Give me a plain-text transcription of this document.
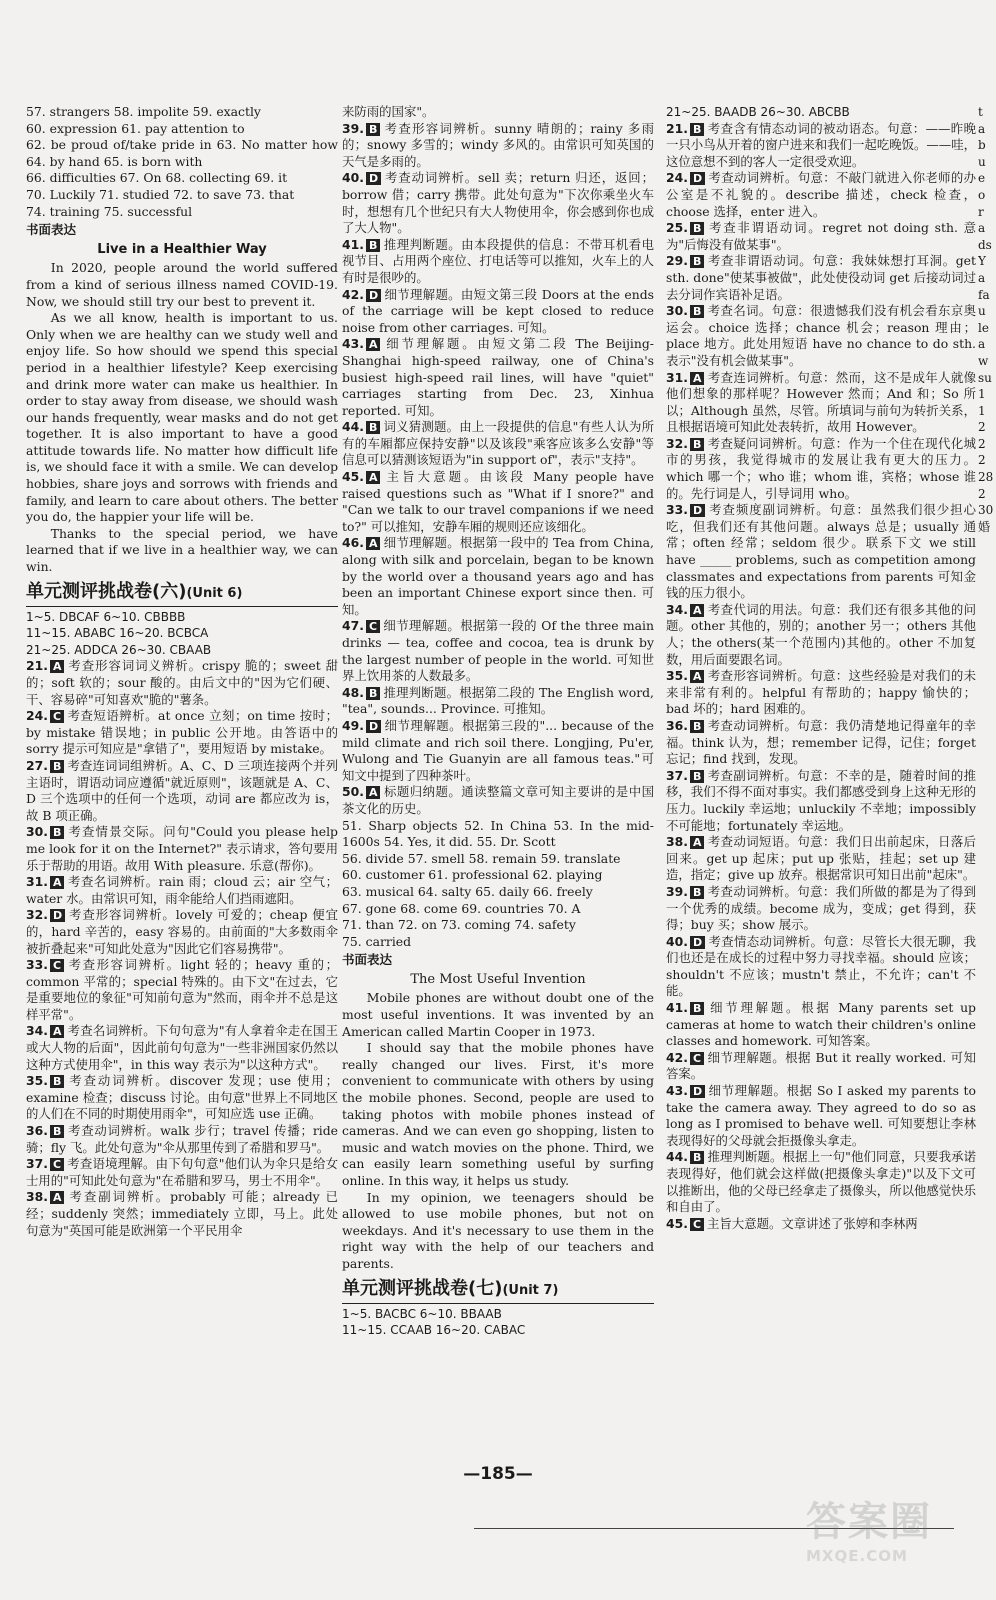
57. strangers 58. impolite 59. exactly
60. expression 61. pay attention to
62. be proud of/take pride in 63. No matter how 64. by hand 65. is born with
66. difficulties 67. On 68. collecting 69. it
70. Luckily 71. studied 72. to save 73. that
74. training 75. successful
书面表达
Live in a Healthier Way

In 2020, people around the world suffered from a kind of serious illness named COVID-19. Now, we should still try our best to prevent it.

As we all know, health is important to us. Only when we are healthy can we study well and enjoy life. So how should we spend this special period in a healthier lifestyle? Keep exercising and drink more water can make us healthier. In order to stay away from disease, we should wash our hands frequently, wear masks and do not get together. It is also important to have a good attitude towards life. No matter how difficult life is, we should face it with a smile. We can develop hobbies, share joys and sorrows with friends and family, and learn to care about others. The better you do, the happier your life will be.

Thanks to the special period, we have learned that if we live in a healthier way, we can win.

单元测评挑战卷(六)(Unit 6)
1~5. DBCAF 6~10. CBBBB
11~15. ABABC 16~20. BCBCA
21~25. ADDCA 26~30. CBAAB
21. A 考查形容词词义辨析。crispy 脆的；sweet 甜的；soft 软的；sour 酸的。由后文中的"因为它们硬、干、容易碎"可知喜欢"脆的"薯条。
24. C 考查短语辨析。at once 立刻；on time 按时；by mistake 错误地；in public 公开地。由答语中的 sorry 提示可知应是"拿错了"，要用短语 by mistake。
27. B 考查连词词组辨析。A、C、D 三项连接两个并列主语时，谓语动词应遵循"就近原则"，该题就是 A、C、D 三个选项中的任何一个选项，动词 are 都应改为 is，故 B 项正确。
30. B 考查情景交际。问句"Could you please help me look for it on the Internet?" 表示请求，答句要用乐于帮助的用语。故用 With pleasure. 乐意(帮你)。
31. A 考查名词辨析。rain 雨；cloud 云；air 空气；water 水。由常识可知，雨伞能给人们挡雨遮阳。
32. D 考查形容词辨析。lovely 可爱的；cheap 便宜的，hard 辛苦的，easy 容易的。由前面的"大多数雨伞被折叠起来"可知此处意为"因此它们容易携带"。
33. C 考查形容词辨析。light 轻的；heavy 重的；common 平常的；special 特殊的。由下文"在过去，它是重要地位的象征"可知前句意为"然而，雨伞并不总是这样平常"。
34. A 考查名词辨析。下句句意为"有人拿着伞走在国王或大人物的后面"，因此前句句意为"一些非洲国家仍然以这种方式使用伞"，in this way 表示为"以这种方式"。
35. B 考查动词辨析。discover 发现；use 使用；examine 检查；discuss 讨论。由句意"世界上不同地区的人们在不同的时期使用雨伞"，可知应选 use 正确。
36. B 考查动词辨析。walk 步行；travel 传播；ride 骑；fly 飞。此处句意为"伞从那里传到了希腊和罗马"。
37. C 考查语境理解。由下句句意"他们认为伞只是给女士用的"可知此处句意为"在希腊和罗马，男士不用伞"。
38. A 考查副词辨析。probably 可能；already 已经；suddenly 突然；immediately 立即，马上。此处句意为"英国可能是欧洲第一个平民用伞
来防雨的国家"。
39. B 考查形容词辨析。sunny 晴朗的；rainy 多雨的；snowy 多雪的；windy 多风的。由常识可知英国的天气是多雨的。
40. D 考查动词辨析。sell 卖；return 归还，返回；borrow 借；carry 携带。此处句意为"下次你乘坐火车时，想想有几个世纪只有大人物使用伞，你会感到你也成了大人物"。
41. B 推理判断题。由本段提供的信息：不带耳机看电视节目、占用两个座位、打电话等可以推知，火车上的人有时是很吵的。
42. D 细节理解题。由短文第三段 Doors at the ends of the carriage will be kept closed to reduce noise from other carriages. 可知。
43. A 细节理解题。由短文第二段 The Beijing-Shanghai high-speed railway, one of China's busiest high-speed rail lines, will have "quiet" carriages starting from Dec. 23, Xinhua reported. 可知。
44. B 词义猜测题。由上一段提供的信息"有些人认为所有的车厢都应保持安静"以及该段"乘客应该多么安静"等信息可以猜测该短语为"in support of"，表示"支持"。
45. A 主旨大意题。由该段 Many people have raised questions such as "What if I snore?" and "Can we talk to our travel companions if we need to?" 可以推知，安静车厢的规则还应该细化。
46. A 细节理解题。根据第一段中的 Tea from China, along with silk and porcelain, began to be known by the world over a thousand years ago and has been an important Chinese export since then. 可知。
47. C 细节理解题。根据第一段的 Of the three main drinks — tea, coffee and cocoa, tea is drunk by the largest number of people in the world. 可知世界上饮用茶的人数最多。
48. B 推理判断题。根据第二段的 The English word, "tea", sounds... Province. 可推知。
49. D 细节理解题。根据第三段的"... because of the mild climate and rich soil there. Longjing, Pu'er, Wulong and Tie Guanyin are all famous teas."可知文中提到了四种茶叶。
50. A 标题归纳题。通读整篇文章可知主要讲的是中国茶文化的历史。
51. Sharp objects 52. In China 53. In the mid-1600s 54. Yes, it did. 55. Dr. Scott
56. divide 57. smell 58. remain 59. translate
60. customer 61. professional 62. playing
63. musical 64. salty 65. daily 66. freely
67. gone 68. come 69. countries 70. A
71. than 72. on 73. coming 74. safety
75. carried
书面表达
The Most Useful Invention

Mobile phones are without doubt one of the most useful inventions. It was invented by an American called Martin Cooper in 1973.

I should say that the mobile phones have really changed our lives. First, it's more convenient to communicate with others by using the mobile phones. Second, people are used to taking photos with mobile phones instead of cameras. And we can even go shopping, listen to music and watch movies on the phone. Third, we can easily learn something useful by surfing online. In this way, it helps us study.

In my opinion, we teenagers should be allowed to use mobile phones, but not on weekdays. And it's necessary to use them in the right way with the help of our teachers and parents.

单元测评挑战卷(七)(Unit 7)
1~5. BACBC 6~10. BBAAB
11~15. CCAAB 16~20. CABAC
21~25. BAADB 26~30. ABCBB
21. B 考查含有情态动词的被动语态。句意：——昨晚一只小鸟从开着的窗户进来和我们一起吃晚饭。——哇，这位意想不到的客人一定很受欢迎。
24. D 考查动词辨析。句意：不敲门就进入你老师的办公室是不礼貌的。describe 描述，check 检查，choose 选择，enter 进入。
25. B 考查非谓语动词。regret not doing sth. 意为"后悔没有做某事"。
29. B 考查非谓语动词。句意：我妹妹想打耳洞。get sth. done"使某事被做"，此处使役动词 get 后接动词过去分词作宾语补足语。
30. B 考查名词。句意：很遗憾我们没有机会看东京奥运会。choice 选择；chance 机会；reason 理由；place 地方。此处用短语 have no chance to do sth. 表示"没有机会做某事"。
31. A 考查连词辨析。句意：然而，这不是成年人就像他们想象的那样呢？However 然而；And 和；So 所以；Although 虽然，尽管。所填词与前句为转折关系，且根据语境可知此处表转折，故用 However。
32. B 考查疑问词辨析。句意：作为一个住在现代化城市的男孩，我觉得城市的发展让我有更大的压力。which 哪一个；who 谁；whom 谁，宾格；whose 谁的。先行词是人，引导词用 who。
33. D 考查频度副词辨析。句意：虽然我们很少担心吃，但我们还有其他问题。always 总是；usually 通常；often 经常；seldom 很少。联系下文 we still have _____ problems, such as competition among classmates and expectations from parents 可知金钱的压力很小。
34. A 考查代词的用法。句意：我们还有很多其他的问题。other 其他的，别的；another 另一；others 其他人；the others(某一个范围内)其他的。other 不加复数，用后面要跟名词。
35. A 考查形容词辨析。句意：这些经验是对我们的未来非常有利的。helpful 有帮助的；happy 愉快的；bad 坏的；hard 困难的。
36. B 考查动词辨析。句意：我仍清楚地记得童年的幸福。think 认为，想；remember 记得，记住；forget 忘记；find 找到，发现。
37. B 考查副词辨析。句意：不幸的是，随着时间的推移，我们不得不面对事实。我们都感受到身上这种无形的压力。luckily 幸运地；unluckily 不幸地；impossibly 不可能地；fortunately 幸运地。
38. A 考查动词短语。句意：我们日出前起床，日落后回来。get up 起床；put up 张贴，挂起；set up 建造，指定；give up 放弃。根据常识可知日出前"起床"。
39. B 考查动词辨析。句意：我们所做的都是为了得到一个优秀的成绩。become 成为，变成；get 得到，获得；buy 买；show 展示。
40. D 考查情态动词辨析。句意：尽管长大很无聊，我们也还是在成长的过程中努力寻找幸福。should 应该；shouldn't 不应该；mustn't 禁止，不允许；can't 不能。
41. B 细节理解题。根据 Many parents set up cameras at home to watch their children's online classes and homework. 可知答案。
42. C 细节理解题。根据 But it really worked. 可知答案。
43. D 细节理解题。根据 So I asked my parents to take the camera away. They agreed to do so as long as I promised to behave well. 可知要想让李林表现得好的父母就会拒摄像头拿走。
44. B 推理判断题。根据上一句"他们同意，只要我承诺表现得好，他们就会这样做(把摄像头拿走)"以及下文可以推断出，他的父母已经拿走了摄像头，所以他感觉快乐和自由了。
45. C 主旨大意题。文章讲述了张婷和李林两
t
a
b
u
e
o
r
a
ds
Y
a
fa
u
le
a
w
su
1
1
2
2
2
28
2
30
婚
—185—
答案圈
MXQE.COM
